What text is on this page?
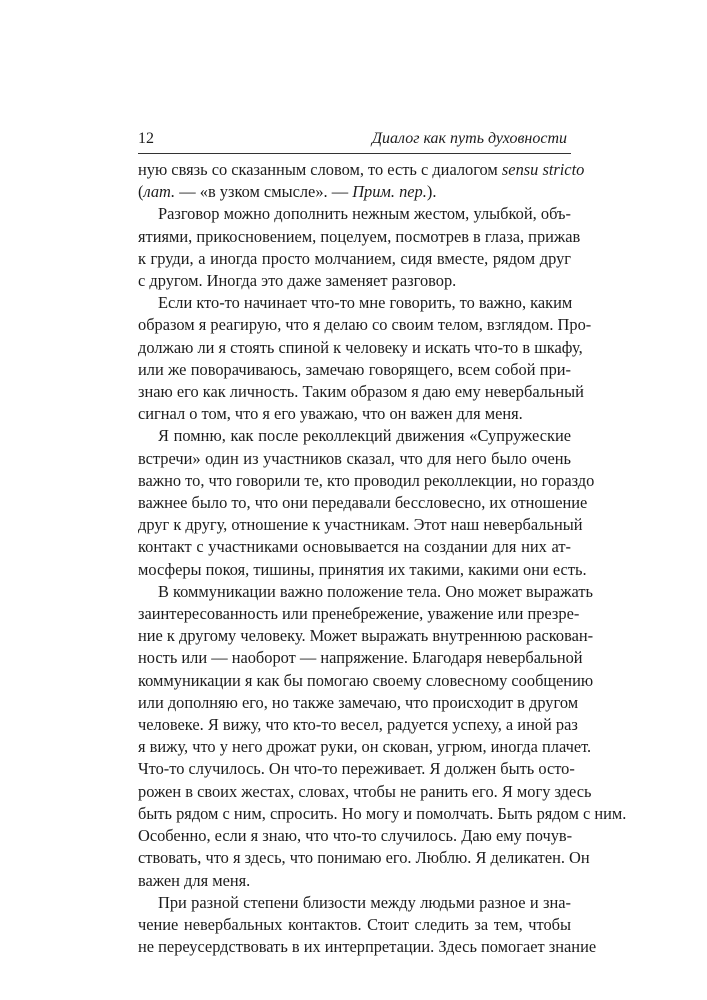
12	Диалог как путь духовности

ную связь со сказанным словом, то есть с диалогом sensu stricto
(лат. — «в узком смысле». — Прим. пер.).

Разговор можно дополнить нежным жестом, улыбкой, объ-
ятиями, прикосновением, поцелуем, посмотрев в глаза, прижав
к груди, а иногда просто молчанием, сидя вместе, рядом друг
с другом. Иногда это даже заменяет разговор.

Если кто-то начинает что-то мне говорить, то важно, каким
образом я реагирую, что я делаю со своим телом, взглядом. Про-
должаю ли я стоять спиной к человеку и искать что-то в шкафу,
или же поворачиваюсь, замечаю говорящего, всем собой при-
знаю его как личность. Таким образом я даю ему невербальный
сигнал о том, что я его уважаю, что он важен для меня.

Я помню, как после реколлекций движения «Супружеские
встречи» один из участников сказал, что для него было очень
важно то, что говорили те, кто проводил реколлекции, но гораздо
важнее было то, что они передавали бессловесно, их отношение
друг к другу, отношение к участникам. Этот наш невербальный
контакт с участниками основывается на создании для них ат-
мосферы покоя, тишины, принятия их такими, какими они есть.

В коммуникации важно положение тела. Оно может выражать
заинтересованность или пренебрежение, уважение или презре-
ние к другому человеку. Может выражать внутреннюю раскован-
ность или — наоборот — напряжение. Благодаря невербальной
коммуникации я как бы помогаю своему словесному сообщению
или дополняю его, но также замечаю, что происходит в другом
человеке. Я вижу, что кто-то весел, радуется успеху, а иной раз
я вижу, что у него дрожат руки, он скован, угрюм, иногда плачет.
Что-то случилось. Он что-то переживает. Я должен быть осто-
рожен в своих жестах, словах, чтобы не ранить его. Я могу здесь
быть рядом с ним, спросить. Но могу и помолчать. Быть рядом с ним.
Особенно, если я знаю, что что-то случилось. Даю ему почув-
ствовать, что я здесь, что понимаю его. Люблю. Я деликатен. Он
важен для меня.

При разной степени близости между людьми разное и зна-
чение невербальных контактов. Стоит следить за тем, чтобы
не переусердствовать в их интерпретации. Здесь помогает знание
